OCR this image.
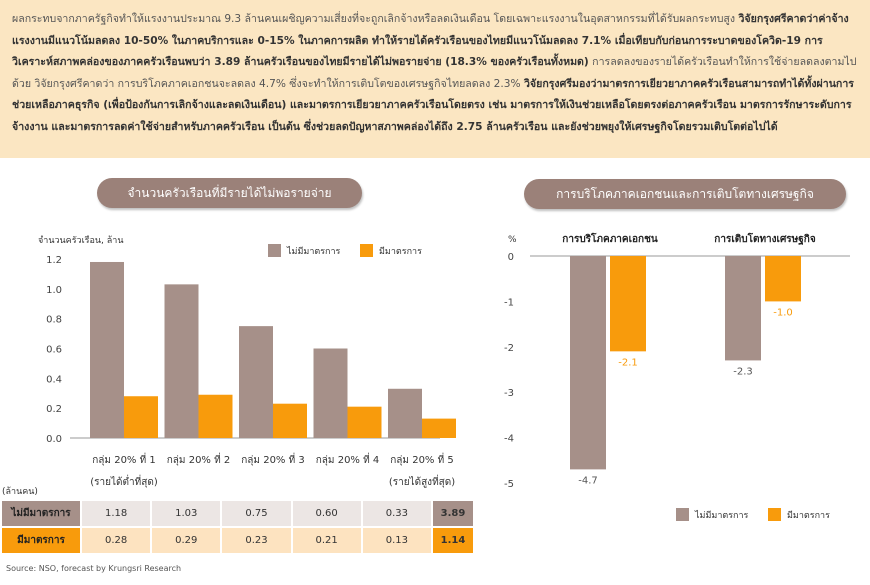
ผลกระทบจากภาครัฐกิจทำให้แรงงานประมาณ 9.3 ล้านคนเผชิญความเสี่ยงที่จะถูกเลิกจ้างหรือลดเงินเดือน โดยเฉพาะแรงงานในอุตสาหกรรมที่ได้รับผลกระทบสูง วิจัยกรุงศรีคาดว่าค่าจ้างแรงงานมีแนวโน้มลดลง 10-50% ในภาคบริการและ 0-15% ในภาคการผลิต ทำให้รายได้ครัวเรือนของไทยมีแนวโน้มลดลง 7.1% เมื่อเทียบกับก่อนการระบาดของโควิด-19 การวิเคราะห์สภาพคล่องของภาคครัวเรือนพบว่า 3.89 ล้านครัวเรือนของไทยมีรายได้ไม่พอรายจ่าย (18.3% ของครัวเรือนทั้งหมด) การลดลงของรายได้ครัวเรือนทำให้การใช้จ่ายลดลงตามไปด้วย วิจัยกรุงศรีคาดว่า การบริโภคภาคเอกชนจะลดลง 4.7% ซึ่งจะทำให้การเติบโตของเศรษฐกิจไทยลดลง 2.3% วิจัยกรุงศรีมองว่ามาตรการเยียวยาภาคครัวเรือนสามารถทำได้ทั้งผ่านการช่วยเหลือภาคธุรกิจ (เพื่อป้องกันการเลิกจ้างและลดเงินเดือน) และมาตรการเยียวยาภาคครัวเรือนโดยตรง เช่น มาตรการให้เงินช่วยเหลือโดยตรงต่อภาคครัวเรือน มาตรการรักษาระดับการจ้างงาน และมาตรการลดค่าใช้จ่ายสำหรับภาคครัวเรือน เป็นต้น ซึ่งช่วยลดปัญหาสภาพคล่องได้ถึง 2.75 ล้านครัวเรือน และยังช่วยพยุงให้เศรษฐกิจโดยรวมเติบโตต่อไปได้
จำนวนครัวเรือนที่มีรายได้ไม่พอรายจ่าย	การบริโภคภาคเอกชนและการเติบโตทางเศรษฐกิจ
จำนวนครัวเรือน, ล้าน
0.0
0.2
0.4
0.6
0.8
1.0
1.2
กลุ่ม 20% ที่ 1
(รายได้ต่ำที่สุด)
กลุ่ม 20% ที่ 2 กลุ่ม 20% ที่ 3 กลุ่ม 20% ที่ 4 กลุ่ม 20% ที่ 5
(รายได้สูงที่สุด)
ไม่มีมาตรการ	มีมาตรการ
(ล้านคน)
%
0
-1
-2
-3
-4
-5
การบริโภคภาคเอกชน
-4.7
-2.1
การเติบโตทางเศรษฐกิจ
-2.3
-1.0
ไม่มีมาตรการ	มีมาตรการ
ไม่มีมาตรการ	1.18	1.03	0.75	0.60	0.33	3.89
มีมาตรการ	0.28	0.29	0.23	0.21	0.13	1.14
Source: NSO, forecast by Krungsri Research
